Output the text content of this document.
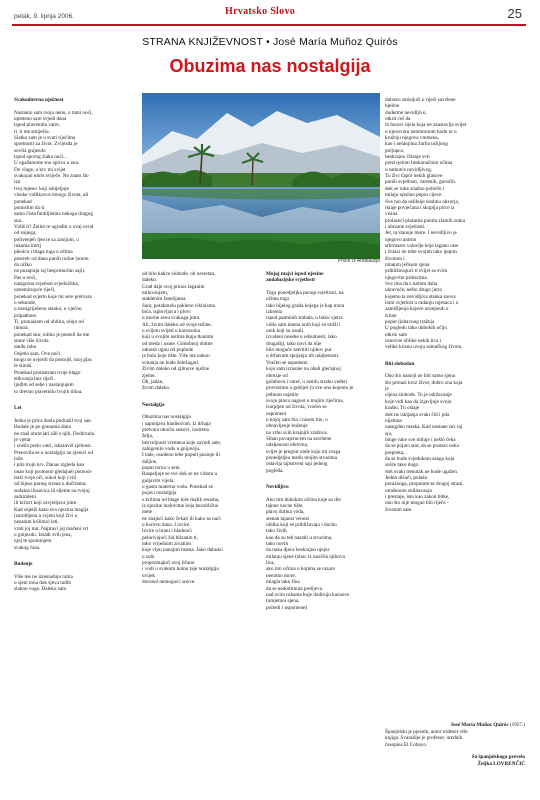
petak, 9. lipnja 2006.	Hrvatsko Slovo	25
STRANA KNJIŽEVNOST • José María Muñoz Quirós
Obuzima nas nostalgija
Prizor iz Andaluzije
Svakodnevna nježnost
Nastanio sam tvoju nenu, u tami noći,
upleteno sam svjedi dana
ispod plavetnila vatre,
ti, ti me smiješiu.
Slatko sam je u svati riječima
spretnosti za život. Zvijezda je
sovila gnijezdo
ispod sporog zlaka noći...
U ugađanome snu spirva u znu.
Do vlage, u krv mi svijet
svakojan miris sviječe. Ne znam što
iza
tvoj mjesec koji ishijeljuje
visoke vidlikovce mnogo života, ali
ponekad
pomislim da si
samo čista fantiljistina nekoga drugog
sna.
Vidiš li? Želim te ugrađiti u ovaj uvod
od snijega,
polivenjeh ljen te sa zanijom, u
rukama imrtj
plenicu i blaga tuga u očima
prezrelr od dana punih ruiine (snom
da nižko
ne pozajraju taj besprimočan saji).
Pas u noći,
nasigurna svjetlost svjedočitka,
uznemirujuće riječi,
ponekad svjetlo koje mi sere pretvara
u sekunde,
u nezagriješenu stanku, u vječnu
pripadnost.
Ti, pronaziem od obbira, olujo od
iimura,
ponekad snu; ioliko je postoli da me
stune više života
među ruke.
Osjetio sam. Ove noći
mogu se uvjeriti da postojiš, moj glas
te slituši.
Ponekad promatram tvoje blago
etikvanja bez riječi,
ljuđim od sebe i nastanjujem
to drevno plavetnilo tvojih tilina.
Let
Jedna je prica dosla podražil tvoj san.
Hodale je po granama dana
ne znaš ohraviati săli s njih. Dodirnula
je vjetar
i srušla prelo vatri, iskazaviš zjelnost.
Prenovila se u nostalgiju na zjenici od
lože
i pila trojn krv. Danas izgleda kao
onao koji promono gledajuéi pomoće
traži tvoje oči, sokol koji cvili
od bijesa punog straua u dočirama;
sudaina ilusavica ili sljeme na tvojoj
sadrimleni
ili krilcrt koji osvjetljava jutre.
Kad osjetiš kako sva njezina magija
(zarobljena u svjetu koji živi u
nezanim krilima) leti,
vrati joj mir. Najtravi joj mačeni vrt
u gnijezdu. Izsadi svih jena,
njoj te spominjem
svakog časa.
Budenje
Više me ne iznenađuju ratna
u sjeni tona dok sjeva tuđih
slabnu vuge. Daleko sam
od bilo kakve slobode, oh nesretan,
daleko.
Grad daje svoj prinos laganim
milovanjem,
staklenim fanelijama.
Sanr, potakmelu pakleno cikluisma
bića, isplovljava i plovi
u morne seou svakoga jutra.
Ali, živim daleko od svoje težine,
u svijetu svijeti u kaveznina
koji u svojim ustima tkaju tkanimi
od meda i usine. Gmlobnoj obitne
odnosh ugnu od poplode
je bolo koje tište. Više me nakon
svitanja ne bude želežagari.
Živim daleko od zjitnove nježne
zjeme.
Oh, jadan,
živim daleko.
Nostalgija
Obuzima nas nostalgija
i sapunjava hladnoćom. Iz drhaja
pretvara ukočni sokovi, izotrena
želja,
bezvoljnost vremena koje zavodi sate,
zabigenilo vodo u gnijaviju.
I tade, osudeno tebe popnit pusinje ili
daljine,
popnt tornu u seni.
Raspeljuje se sve dok se ne vidom u
guljavim vijela,
u gustu maternu voda. Ponekad se
pojavi nostalgija
s krilima od blage kiše malik resama,
iz njezine malovitne koja bezoblično
mete
ne znajući kako čekati ili kako se naći
u korovu dana. I izvire.
Izvire u hrani i hladnoći
pelurivajući žid blizanin ti,
toko vrijeđuim zivatiim
koje vijtu nanajim imena. Jako dubuko
u sobi
propozmajući svoj ličano
i vodi u svakom kutnu taje nostalgija
uvijek
doronol nemogućc snove.
Mojoj majci ispod njezine
andaluzijske svjetlosti
Toga ponedjeljka ponop svjetlosti, na
očima toga
tako bijelog grada kojega je kap mora
izkresla
ispod palminih stabala, u buku vjetra
vidio sam imena onih koji su otišli i
onih koji su ostali.
izvašeni nosehe u odsutnosti, lako
drugašiji, tako novi da nije
bilo moguće zatvititi njihov put
u drhavom spojanju tih udaljenosti.
Vračen se uspomeni
koju sam izrusine na obali glečajnoj
obrezje od
golubova i vatre, u zemlu strahu veđeri
provezimu u gubiješ (u sve ono kojemu je
jedinim osjetilo
svoju plavu nagoot u mojim riječima,
isurpljen od života, vraćen se
uspomeni
u kojoj sam bio i nisem bio, u
obnavljenje boženje
na vrhu svih krajnjih zražnva.
Siban povajerucem na savršene
udaljenosti obrevna,
svijet je pregrut onde koju mi svaga
ponedjeljka među mojim stvarima
ostavlja tajnstveni saji jednog
pogleda.
Nevidljivo
Ako tim dubokim očima koje su dio
tajnne nocne tište,
plavu dulina voda,
stenan tajanst venost
oblika koji se približavaju i duchu
tako živih
kao da su tek nastali u stvarima,
tako novih
da nuka djeca beskrajno njejnc
milanju sjene (zboc iz naočila njihova
lica,
ako tim očima u kojima se razaro
nenutno more,
miagla tako fina
da se nedodirnuta prelijeva
nad svim rukama koje dodiruju kaznove
(umjetnoi sjena,
poliedi i uspomene)
duboko smisljuči u riječi savršene
bjeline
duderme nevidljivo,
otkrit ćeš da
ih boravi tijela koja ne zaustavlja svijet
u njezovom nenmornom hodu ni u
kružnju njegova vremena,
kao i nelanjima žurba uslijnog
poljupca,
beskrajno čišanje svti
prezivjelom beskonačnim očima
u samotće nevidljivog.
Tu živi čapor nekih glasove
punih svjetlosti, vatrenih, goručih.
dok se ruke snažno polrečn i
milaju njezino poput cijece.
Sve tuo da oslikuje sunhnu obzorja,
iktaje povječana i skuplja pirce iz
visina
prolazeći plažama punim zlatnih zraka
i ubrzane svjetlosti.
Jer, ta stanuje more. I nevidljivo je
njegovo antrno
srbrntasto valovlje koje lagano rase
i čolazi do tebe svojim tako ijepim
životom i
mlakim ječkom sjena
približavajući ti svijet sa svim
njegovim pritiscima.
Sve ima da s našom daha
ukravuče, nešto drugo jutro
kojemu ta nevidljiva stanka snova
lomi svjetlost u radanju mjesaca i u
zamišljenja kojeće uronjenih u
d.hne
poput ljubavnog tražnja
U pogledu tako dubokih očiju
otkrio sam
osnovne oblike nekih lica i
velike krisnu uvoju samačkog života.
Biti slobodan
Ono što nastoji ne biti samo sjena
što prolazi kroz život, dobro zna koja
je
cijena slobode. To je održavanje
koje vidi kao da izjavljuje svoju
kraštu. Tu ostaje
dok ne iskljanja svaki čid i pda
nijemna
nasugdno maska. Kad nastane sav taj
sju,
bluge ruke sve miluje i nešto čeka
da se pojavi star, da se postavi neka
prepreka,
da se bude svjedokom sanga koja
sušće tako dugo
dok svaki trenutak ne bude ugažen.
Jednn dišuči, polako
poniznoga, propulute se drugoj strani,
otrašenom snilitavanja
i prestaje, isto kao zakon bitke,
ono što nije mogao biti riječe -
živenim sate.
José María Muñoz Quirós (1957.)
Španjolski je pjesnik, autor trideset više
knjiga. Svaralilje je profesor, urednik
časopisa El Cobayo.
Sa španjolskoga prevela
Željka LOVRENČIĆ
